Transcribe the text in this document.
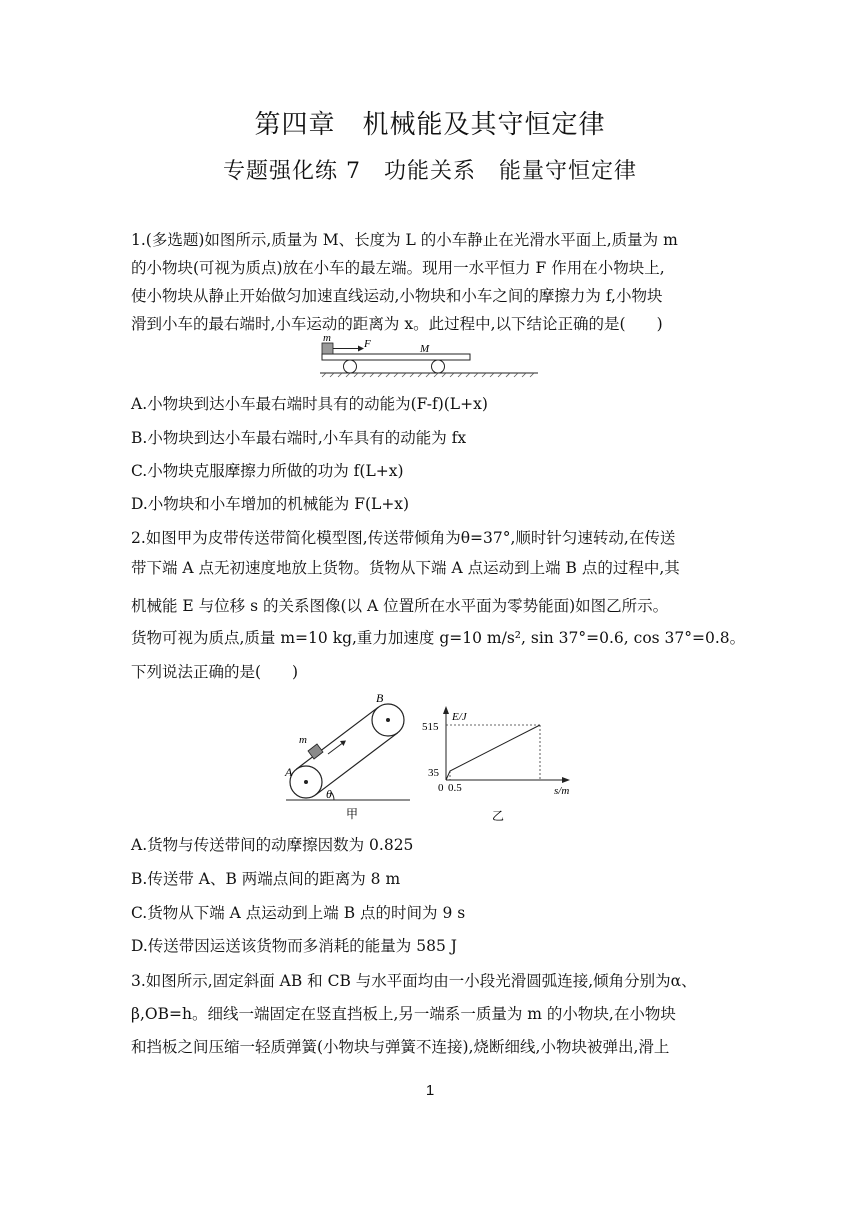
第四章　机械能及其守恒定律
专题强化练 7　功能关系　能量守恒定律
1.(多选题)如图所示,质量为 M、长度为 L 的小车静止在光滑水平面上,质量为 m
的小物块(可视为质点)放在小车的最左端。现用一水平恒力 F 作用在小物块上,
使小物块从静止开始做匀加速直线运动,小物块和小车之间的摩擦力为 f,小物块
滑到小车的最右端时,小车运动的距离为 x。此过程中,以下结论正确的是(　　)
m	F	M
A.小物块到达小车最右端时具有的动能为(F-f)(L+x)
B.小物块到达小车最右端时,小车具有的动能为 fx
C.小物块克服摩擦力所做的功为 f(L+x)
D.小物块和小车增加的机械能为 F(L+x)
2.如图甲为皮带传送带简化模型图,传送带倾角为θ=37°,顺时针匀速转动,在传送
带下端 A 点无初速度地放上货物。货物从下端 A 点运动到上端 B 点的过程中,其
机械能 E 与位移 s 的关系图像(以 A 位置所在水平面为零势能面)如图乙所示。
货物可视为质点,质量 m=10 kg,重力加速度 g=10 m/s², sin 37°=0.6, cos 37°=0.8。
下列说法正确的是(　　)
θ
A
B
m
甲
E/J
s/m
515
35
0 0.5
乙
A.货物与传送带间的动摩擦因数为 0.825
B.传送带 A、B 两端点间的距离为 8 m
C.货物从下端 A 点运动到上端 B 点的时间为 9 s
D.传送带因运送该货物而多消耗的能量为 585 J
3.如图所示,固定斜面 AB 和 CB 与水平面均由一小段光滑圆弧连接,倾角分别为α、
β,OB=h。细线一端固定在竖直挡板上,另一端系一质量为 m 的小物块,在小物块
和挡板之间压缩一轻质弹簧(小物块与弹簧不连接),烧断细线,小物块被弹出,滑上
1
